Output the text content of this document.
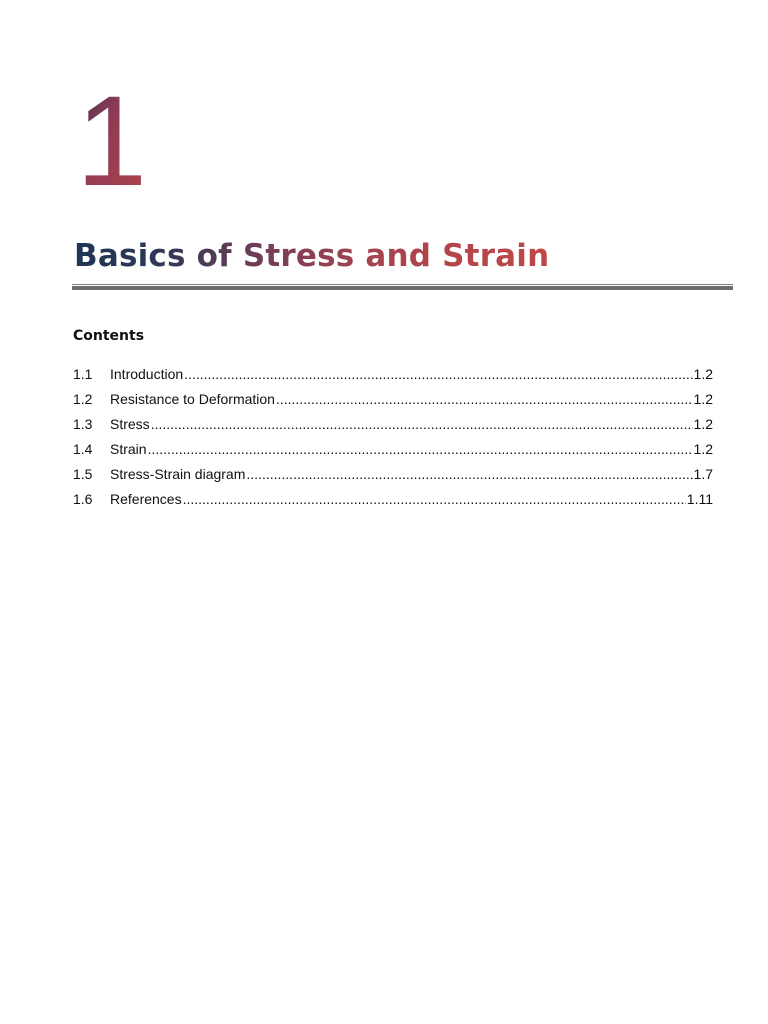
1
Basics of Stress and Strain
Contents
1.1	Introduction .....	1.2
1.2	Resistance to Deformation .....	1.2
1.3	Stress .....	1.2
1.4	Strain .....	1.2
1.5	Stress-Strain diagram .....	1.7
1.6	References .....	1.11
